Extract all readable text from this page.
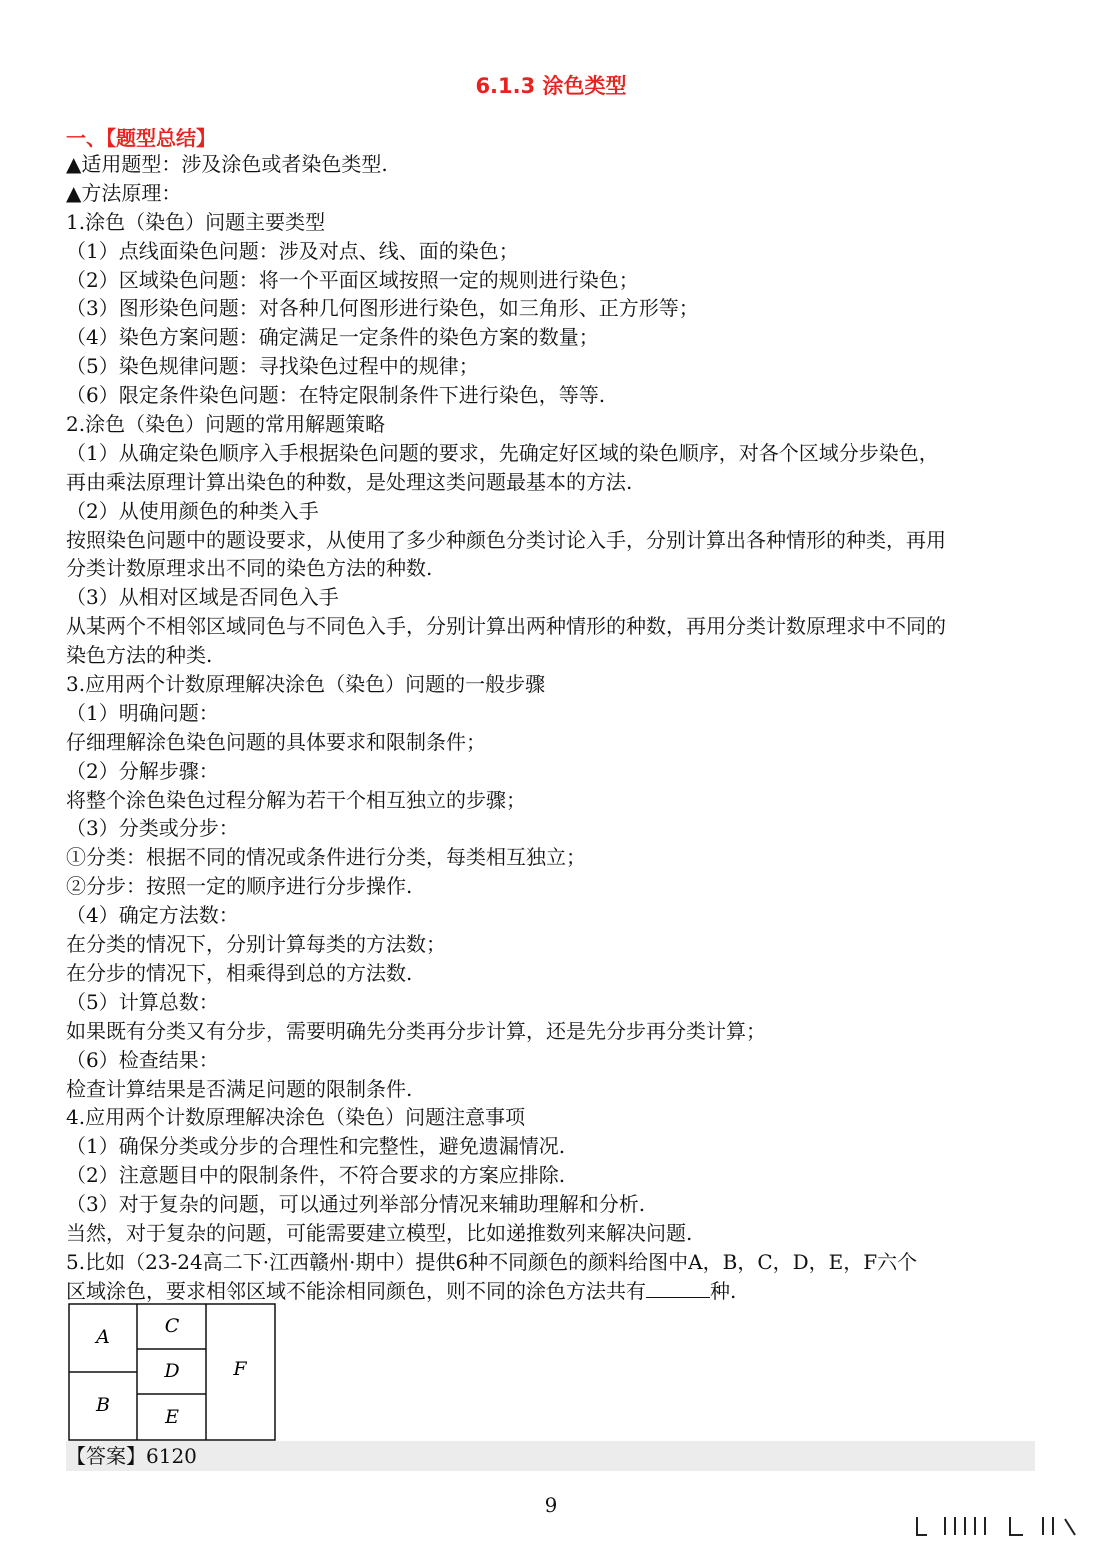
6.1.3 涂色类型
一、【题型总结】
▲适用题型：涉及涂色或者染色类型.
▲方法原理：
1.涂色（染色）问题主要类型
（1）点线面染色问题：涉及对点、线、面的染色；
（2）区域染色问题：将一个平面区域按照一定的规则进行染色；
（3）图形染色问题：对各种几何图形进行染色，如三角形、正方形等；
（4）染色方案问题：确定满足一定条件的染色方案的数量；
（5）染色规律问题：寻找染色过程中的规律；
（6）限定条件染色问题：在特定限制条件下进行染色，等等.
2.涂色（染色）问题的常用解题策略
（1）从确定染色顺序入手根据染色问题的要求，先确定好区域的染色顺序，对各个区域分步染色，
再由乘法原理计算出染色的种数，是处理这类问题最基本的方法.
（2）从使用颜色的种类入手
按照染色问题中的题设要求，从使用了多少种颜色分类讨论入手，分别计算出各种情形的种类，再用
分类计数原理求出不同的染色方法的种数.
（3）从相对区域是否同色入手
从某两个不相邻区域同色与不同色入手，分别计算出两种情形的种数，再用分类计数原理求中不同的
染色方法的种类.
3.应用两个计数原理解决涂色（染色）问题的一般步骤
（1）明确问题：
仔细理解涂色染色问题的具体要求和限制条件；
（2）分解步骤：
将整个涂色染色过程分解为若干个相互独立的步骤；
（3）分类或分步：
①分类：根据不同的情况或条件进行分类，每类相互独立；
②分步：按照一定的顺序进行分步操作.
（4）确定方法数：
在分类的情况下，分别计算每类的方法数；
在分步的情况下，相乘得到总的方法数.
（5）计算总数：
如果既有分类又有分步，需要明确先分类再分步计算，还是先分步再分类计算；
（6）检查结果：
检查计算结果是否满足问题的限制条件.
4.应用两个计数原理解决涂色（染色）问题注意事项
（1）确保分类或分步的合理性和完整性，避免遗漏情况.
（2）注意题目中的限制条件，不符合要求的方案应排除.
（3）对于复杂的问题，可以通过列举部分情况来辅助理解和分析.
当然，对于复杂的问题，可能需要建立模型，比如递推数列来解决问题.
5.比如（23-24高二下·江西赣州·期中）提供6种不同颜色的颜料给图中A，B，C，D，E，F六个
区域涂色，要求相邻区域不能涂相同颜色，则不同的涂色方法共有	种.
A
B
C
D
E
F
【答案】6120
9
